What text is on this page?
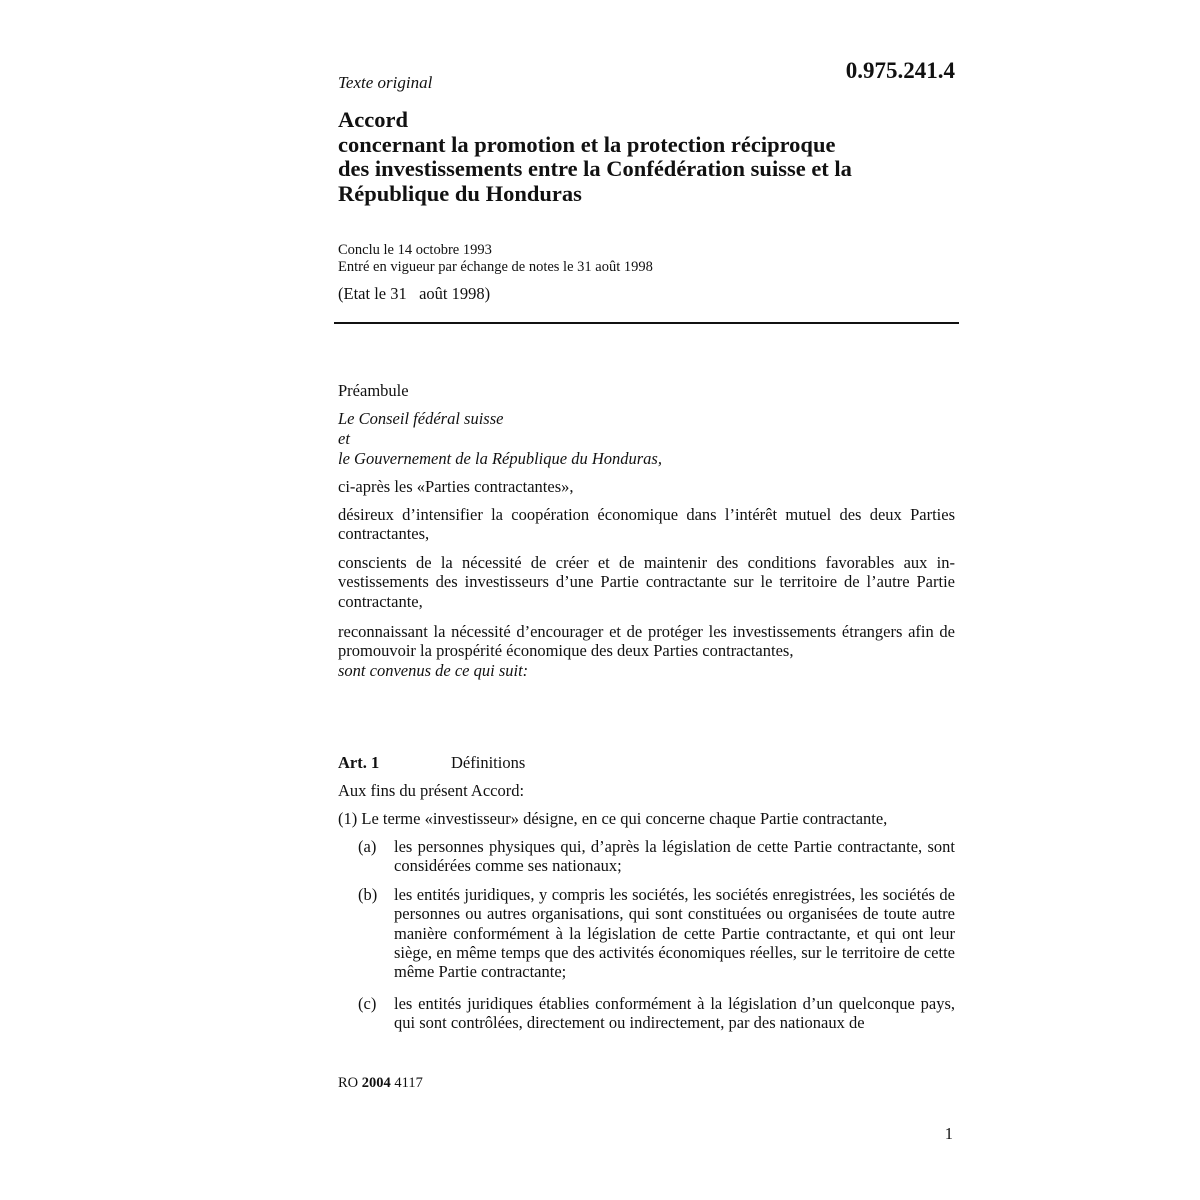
0.975.241.4
Texte original
Accord
concernant la promotion et la protection réciproque
des investissements entre la Confédération suisse et la
République du Honduras
Conclu le 14 octobre 1993
Entré en vigueur par échange de notes le 31 août 1998
(Etat le 31   août 1998)
Préambule
Le Conseil fédéral suisse
et
le Gouvernement de la République du Honduras,
ci-après les «Parties contractantes»,
désireux d’intensifier la coopération économique dans l’intérêt mutuel des deux Parties contractantes,
conscients de la nécessité de créer et de maintenir des conditions favorables aux investissements des investisseurs d’une Partie contractante sur le territoire de l’autre Partie contractante,
reconnaissant la nécessité d’encourager et de protéger les investissements étrangers afin de promouvoir la prospérité économique des deux Parties contractantes,
sont convenus de ce qui suit:
Art. 1	Définitions
Aux fins du présent Accord:
(1) Le terme «investisseur» désigne, en ce qui concerne chaque Partie contractante,
(a) les personnes physiques qui, d’après la législation de cette Partie contractante, sont considérées comme ses nationaux;
(b) les entités juridiques, y compris les sociétés, les sociétés enregistrées, les sociétés de personnes ou autres organisations, qui sont constituées ou organisées de toute autre manière conformément à la législation de cette Partie contractante, et qui ont leur siège, en même temps que des activités économiques réelles, sur le territoire de cette même Partie contractante;
(c) les entités juridiques établies conformément à la législation d’un quelconque pays, qui sont contrôlées, directement ou indirectement, par des nationaux de
RO 2004 4117
1
